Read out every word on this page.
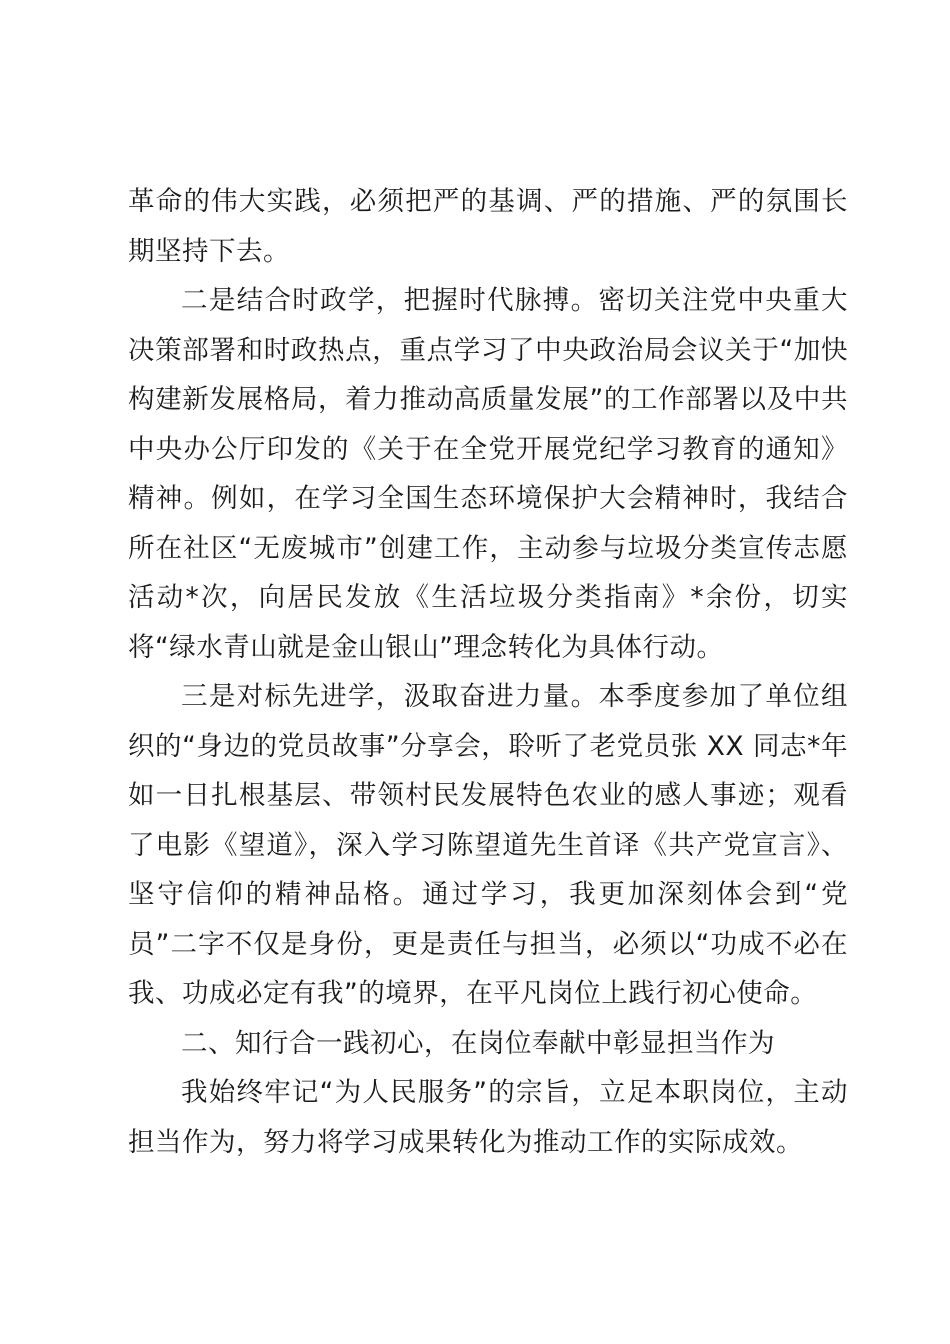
革命的伟大实践，必须把严的基调、严的措施、严的氛围长期坚持下去。

二是结合时政学，把握时代脉搏。密切关注党中央重大决策部署和时政热点，重点学习了中央政治局会议关于“加快构建新发展格局，着力推动高质量发展”的工作部署以及中共中央办公厅印发的《关于在全党开展党纪学习教育的通知》精神。例如，在学习全国生态环境保护大会精神时，我结合所在社区“无废城市”创建工作，主动参与垃圾分类宣传志愿活动*次，向居民发放《生活垃圾分类指南》*余份，切实将“绿水青山就是金山银山”理念转化为具体行动。

三是对标先进学，汲取奋进力量。本季度参加了单位组织的“身边的党员故事”分享会，聆听了老党员张 XX 同志*年如一日扎根基层、带领村民发展特色农业的感人事迹；观看了电影《望道》，深入学习陈望道先生首译《共产党宣言》、坚守信仰的精神品格。通过学习，我更加深刻体会到“党员”二字不仅是身份，更是责任与担当，必须以“功成不必在我、功成必定有我”的境界，在平凡岗位上践行初心使命。

二、知行合一践初心，在岗位奉献中彰显担当作为

我始终牢记“为人民服务”的宗旨，立足本职岗位，主动担当作为，努力将学习成果转化为推动工作的实际成效。
